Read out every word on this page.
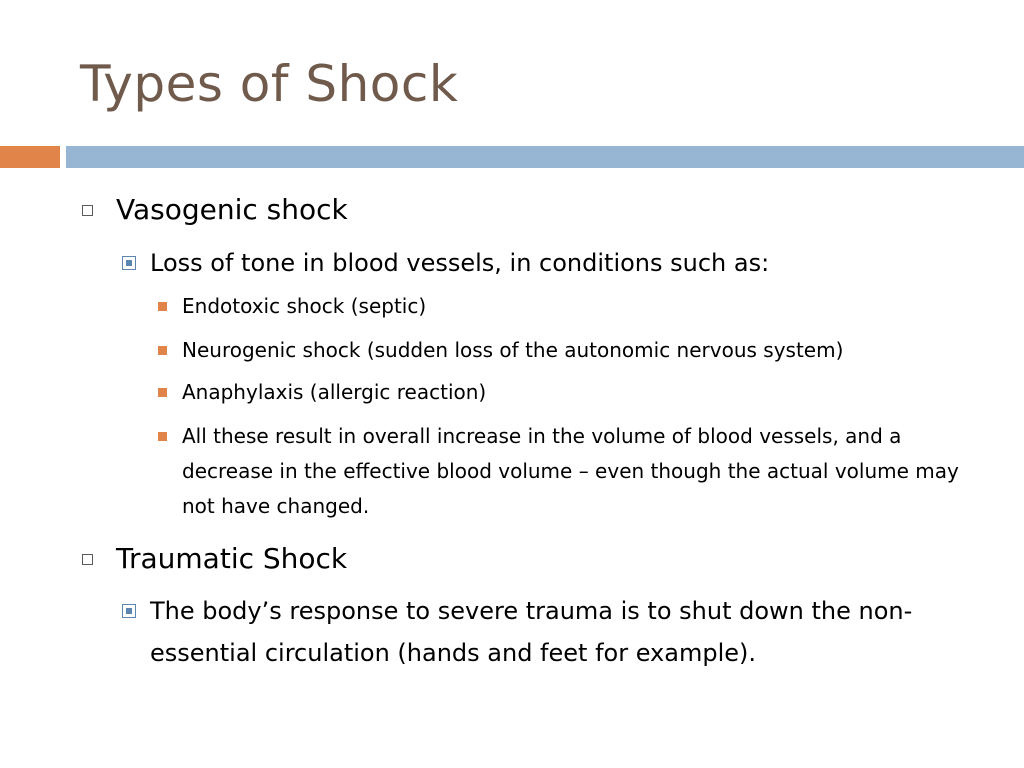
Types of Shock
Vasogenic shock
Loss of tone in blood vessels, in conditions such as:
Endotoxic shock (septic)
Neurogenic shock (sudden loss of the autonomic nervous system)
Anaphylaxis (allergic reaction)
All these result in overall increase in the volume of blood vessels, and a decrease in the effective blood volume – even though the actual volume may not have changed.
Traumatic Shock
The body’s response to severe trauma is to shut down the non-essential circulation (hands and feet for example).
